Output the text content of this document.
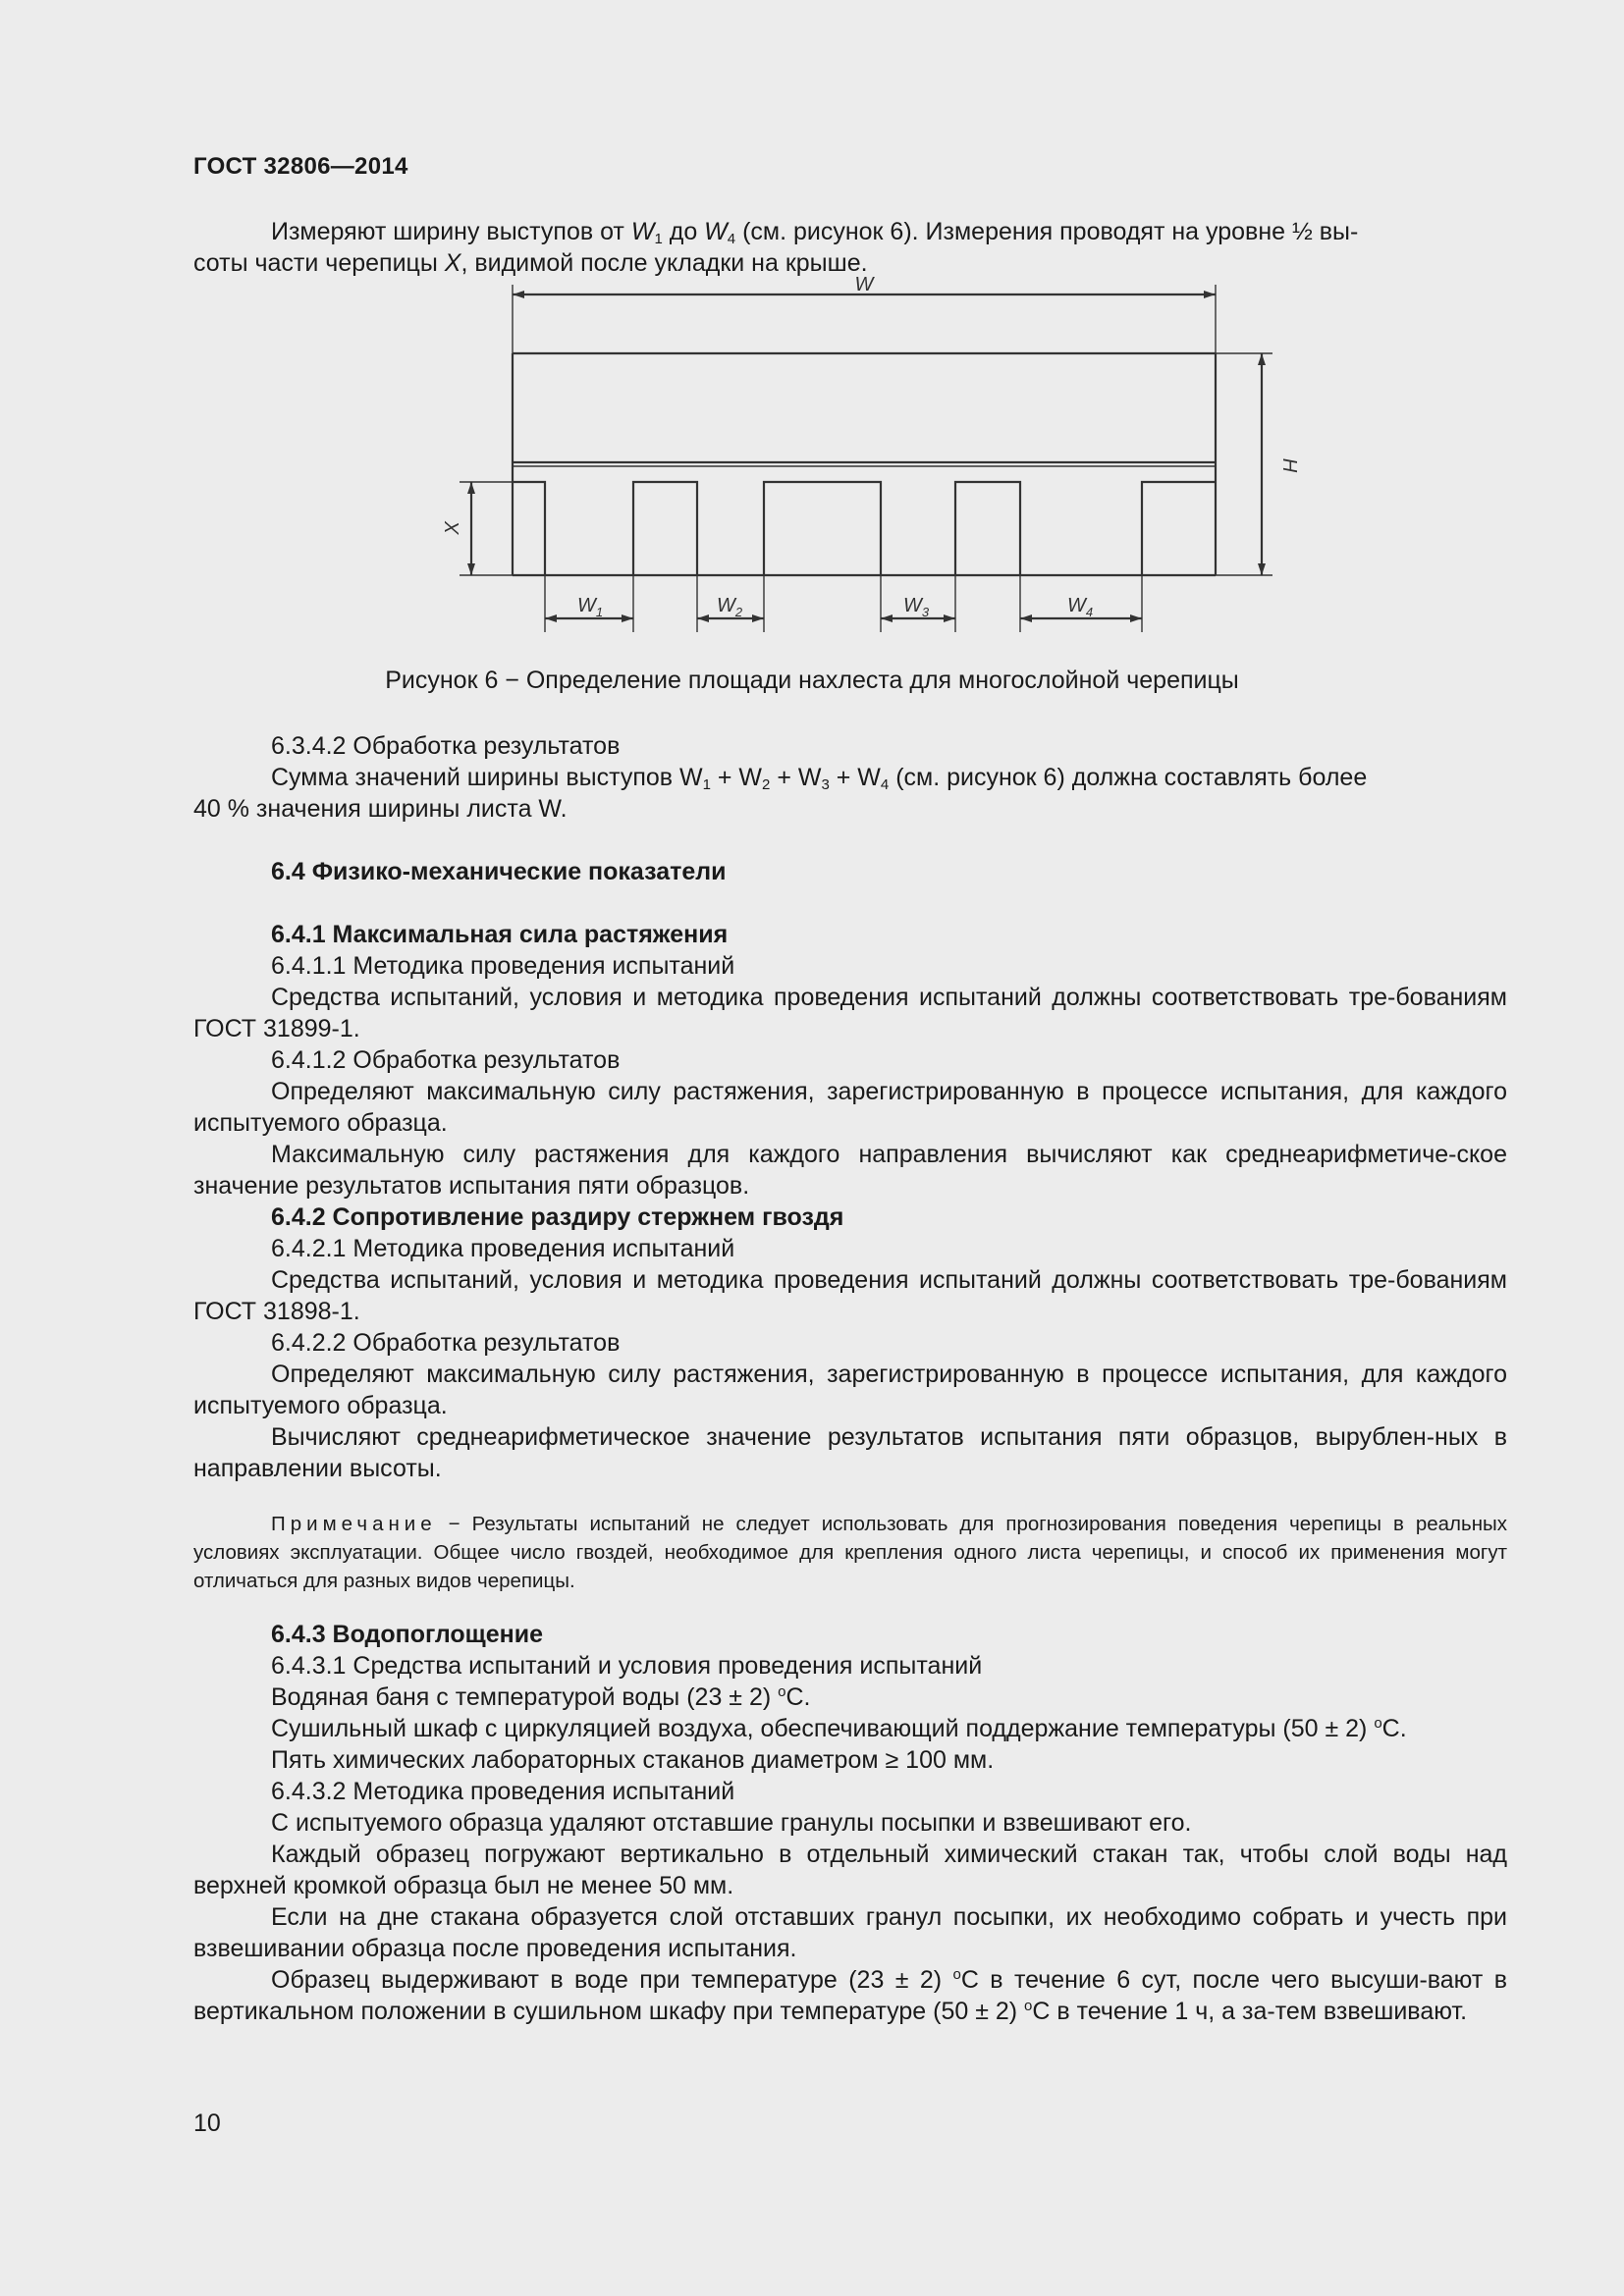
ГОСТ 32806—2014

Измеряют ширину выступов от $W_1$ до $W_4$ (см. рисунок 6). Измерения проводят на уровне ½ вы-

соты части черепицы X, видимой после укладки на крыше.

W
H
X
$W_1$	$W_2$	$W_3$	$W_4$
Рисунок 6 − Определение площади нахлеста для многослойной черепицы

6.3.4.2 Обработка результатов

Сумма значений ширины выступов $W_1 + W_2 + W_3 + W_4$ (см. рисунок 6) должна составлять более

40 % значения ширины листа W.

6.4 Физико-механические показатели

6.4.1 Максимальная сила растяжения

6.4.1.1 Методика проведения испытаний

Средства испытаний, условия и методика проведения испытаний должны соответствовать тре-бованиям ГОСТ 31899-1.

6.4.1.2 Обработка результатов

Определяют максимальную силу растяжения, зарегистрированную в процессе испытания, для каждого испытуемого образца.

Максимальную силу растяжения для каждого направления вычисляют как среднеарифметиче-ское значение результатов испытания пяти образцов.

6.4.2 Сопротивление раздиру стержнем гвоздя

6.4.2.1 Методика проведения испытаний

Средства испытаний, условия и методика проведения испытаний должны соответствовать тре-бованиям ГОСТ 31898-1.

6.4.2.2 Обработка результатов

Определяют максимальную силу растяжения, зарегистрированную в процессе испытания, для каждого испытуемого образца.

Вычисляют среднеарифметическое значение результатов испытания пяти образцов, вырублен-ных в направлении высоты.

Примечание − Результаты испытаний не следует использовать для прогнозирования поведения черепицы в реальных условиях эксплуатации. Общее число гвоздей, необходимое для крепления одного листа черепицы, и способ их применения могут отличаться для разных видов черепицы.

6.4.3 Водопоглощение

6.4.3.1 Средства испытаний и условия проведения испытаний

Водяная баня с температурой воды (23 ± 2) $^o$С.

Сушильный шкаф с циркуляцией воздуха, обеспечивающий поддержание температуры (50 ± 2) $^o$С.

Пять химических лабораторных стаканов диаметром ≥ 100 мм.

6.4.3.2 Методика проведения испытаний

С испытуемого образца удаляют отставшие гранулы посыпки и взвешивают его.

Каждый образец погружают вертикально в отдельный химический стакан так, чтобы слой воды над верхней кромкой образца был не менее 50 мм.

Если на дне стакана образуется слой отставших гранул посыпки, их необходимо собрать и учесть при взвешивании образца после проведения испытания.

Образец выдерживают в воде при температуре (23 ± 2) $^o$С в течение 6 сут, после чего высуши-вают в вертикальном положении в сушильном шкафу при температуре (50 ± 2) $^o$С в течение 1 ч, а за-тем взвешивают.

10
